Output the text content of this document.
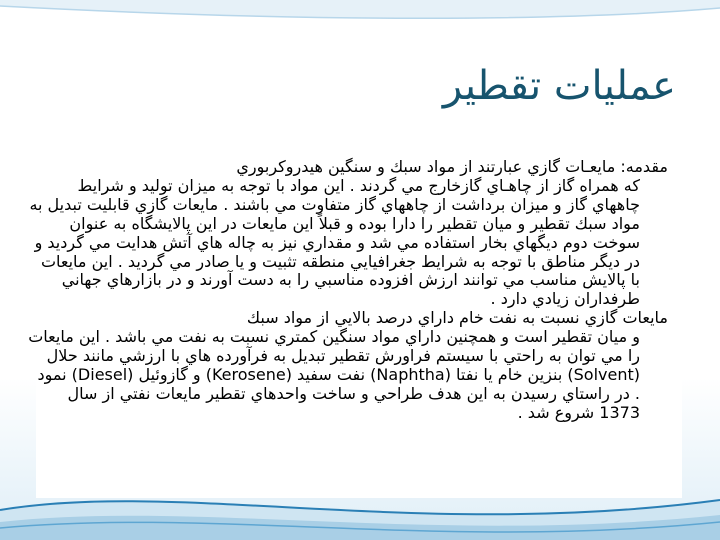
عمليات تقطير
مقدمه: مايعـات گازي عبارتند از مواد سبك و سنگين هيدروكربوري
كه همراه گاز از چاهـاي گازخارج مي گردند . اين مواد با توجه به ميزان توليد و شرايط چاههاي گاز و ميزان برداشت از چاههاي گاز متفاوت مي باشند . مايعات گازي قابليت تبديل به مواد سبك تقطير و ميان تقطير را دارا بوده و قبلاً اين مايعات در اين پالايشگاه به عنوان سوخت دوم ديگهاي بخار استفاده مي شد و مقداري نيز به چاله هاي آتش هدايت مي گرديد و در ديگر مناطق با توجه به شرايط جغرافيايي منطقه تثبيت و يا صادر مي گرديد . اين مايعات با پالايش مناسب مي توانند ارزش افزوده مناسبي را به دست آورند و در بازارهاي جهاني طرفداران زيادي دارد .
مايعات گازي نسبت به نفت خام داراي درصد بالايي از مواد سبك
و ميان تقطير است و همچنين داراي مواد سنگين كمتري نسبت به نفت مي باشد . اين مايعات را مي توان به راحتي با سيستم فراورش تقطير تبديل به فرآورده هاي با ارزشي مانند حلال (Solvent) بنزين خام يا نفتا (Naphtha) نفت سفيد (Kerosene) و گازوئيل (Diesel) نمود . در راستاي رسيدن به اين هدف طراحي و ساخت واحدهاي تقطير مايعات نفتي از سال 1373 شروع شد .
